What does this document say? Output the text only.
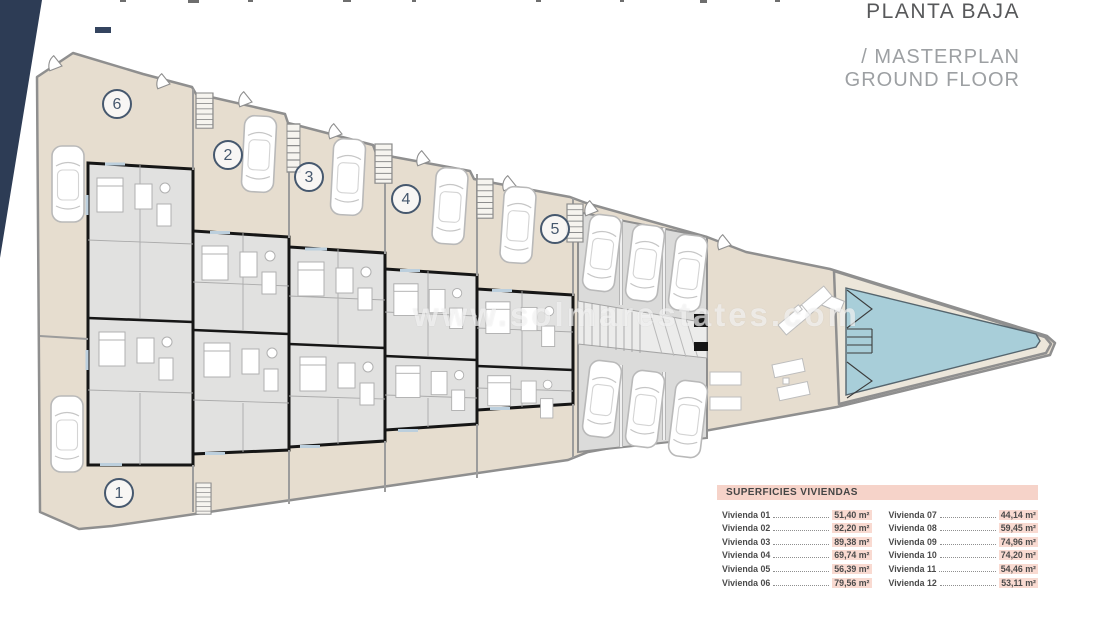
www.solmarestates.com
1
2
3
4
5
6
PLANTA BAJA
/ MASTERPLAN
GROUND FLOOR
SUPERFICIES VIVIENDAS
Vivienda 01	51,40 m²
Vivienda 02	92,20 m²
Vivienda 03	89,38 m²
Vivienda 04	69,74 m²
Vivienda 05	56,39 m²
Vivienda 06	79,56 m²
Vivienda 07	44,14 m²
Vivienda 08	59,45 m²
Vivienda 09	74,96 m²
Vivienda 10	74,20 m²
Vivienda 11	54,46 m²
Vivienda 12	53,11 m²
